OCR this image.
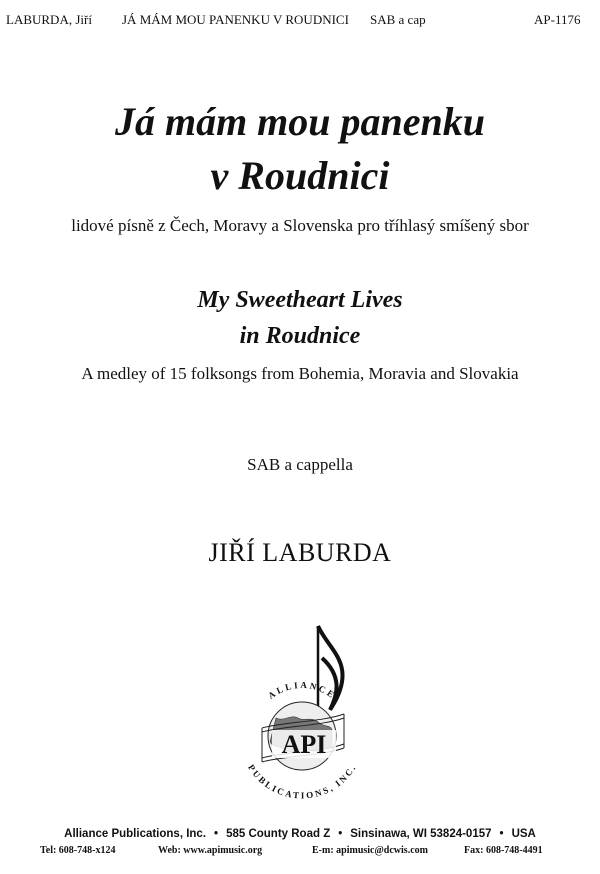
LABURDA, Jiří JÁ MÁM MOU PANENKU V ROUDNICI SAB a cap	AP-1176
Já mám mou panenku
v Roudnici
lidové písně z Čech, Moravy a Slovenska pro tříhlasý smíšený sbor
My Sweetheart Lives
in Roudnice
A medley of 15 folksongs from Bohemia, Moravia and Slovakia
SAB a cappella
JIŘÍ LABURDA
API
ALLIANCE
PUBLICATIONS, INC.
Alliance Publications, Inc. • 585 County Road Z • Sinsinawa, WI 53824-0157 • USA
Tel: 608-748-x124	Web: www.apimusic.org	E-m: apimusic@dcwis.com	Fax: 608-748-4491
